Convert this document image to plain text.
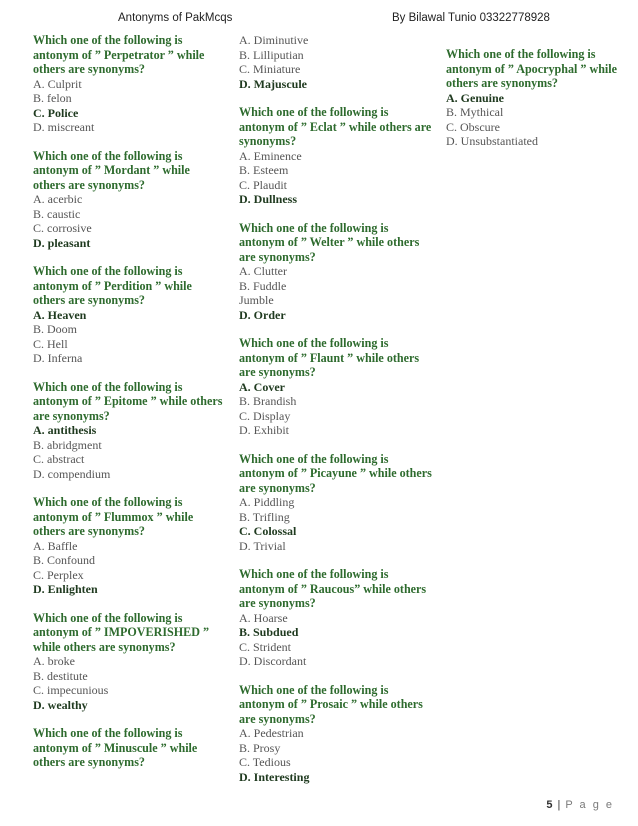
Antonyms of PakMcqs	By Bilawal Tunio 03322778928

Which one of the following is antonym of ” Perpetrator ” while others are synonyms?

A. Culprit

B. felon

C. Police

D. miscreant

Which one of the following is antonym of ” Mordant ” while others are synonyms?

A. acerbic

B. caustic

C. corrosive

D. pleasant

Which one of the following is antonym of ” Perdition ” while others are synonyms?

A. Heaven

B. Doom

C. Hell

D. Inferna

Which one of the following is antonym of ” Epitome ” while others are synonyms?

A. antithesis

B. abridgment

C. abstract

D. compendium

Which one of the following is antonym of ” Flummox ” while others are synonyms?

A. Baffle

B. Confound

C. Perplex

D. Enlighten

Which one of the following is antonym of ” IMPOVERISHED ” while others are synonyms?

A. broke

B. destitute

C. impecunious

D. wealthy

Which one of the following is antonym of ” Minuscule ” while others are synonyms?

A. Diminutive

B. Lilliputian

C. Miniature

D. Majuscule

Which one of the following is antonym of ” Eclat ” while others are synonyms?

A. Eminence

B. Esteem

C. Plaudit

D. Dullness

Which one of the following is antonym of ” Welter ” while others are synonyms?

A. Clutter

B. Fuddle

Jumble

D. Order

Which one of the following is antonym of ” Flaunt ” while others are synonyms?

A. Cover

B. Brandish

C. Display

D. Exhibit

Which one of the following is antonym of ” Picayune ” while others are synonyms?

A. Piddling

B. Trifling

C. Colossal

D. Trivial

Which one of the following is antonym of ” Raucous” while others are synonyms?

A. Hoarse

B. Subdued

C. Strident

D. Discordant

Which one of the following is antonym of ” Prosaic ” while others are synonyms?

A. Pedestrian

B. Prosy

C. Tedious

D. Interesting

Which one of the following is antonym of ” Apocryphal ” while others are synonyms?

A. Genuine

B. Mythical

C. Obscure

D. Unsubstantiated

5 | P a g e
